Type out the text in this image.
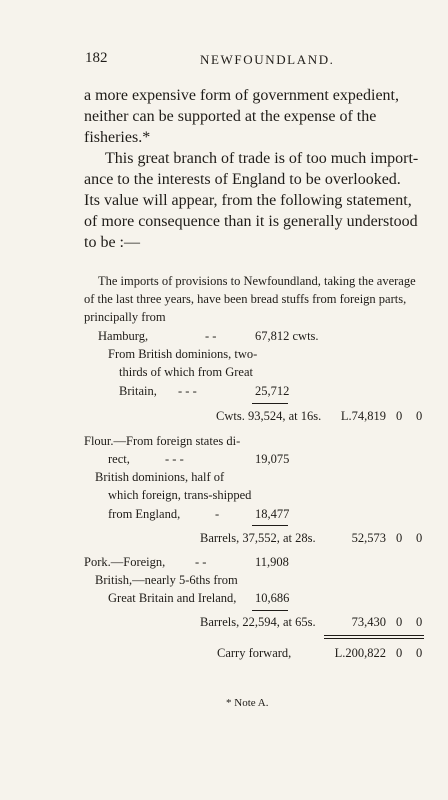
182	NEWFOUNDLAND.
a more expensive form of government expedient,
neither can be supported at the expense of the
fisheries.*
This great branch of trade is of too much import-
ance to the interests of England to be overlooked.
Its value will appear, from the following statement,
of more consequence than it is generally understood
to be :—
The imports of provisions to Newfoundland, taking the average
of the last three years, have been bread stuffs from foreign parts,
principally from
Hamburg,	- -	67,812 cwts.
From British dominions, two-
thirds of which from Great
Britain, - - -	25,712
Cwts. 93,524, at 16s.	L.74,819 0 0
Flour.—From foreign states di-
rect,	- - -	19,075
British dominions, half of
which foreign, trans-shipped
from England,	-	18,477
Barrels, 37,552, at 28s.	52,573 0 0
Pork.—Foreign, - -	11,908
British,—nearly 5-6ths from
Great Britain and Ireland, 10,686
Barrels, 22,594, at 65s.	73,430 0 0
Carry forward,	L.200,822 0 0
* Note A.
